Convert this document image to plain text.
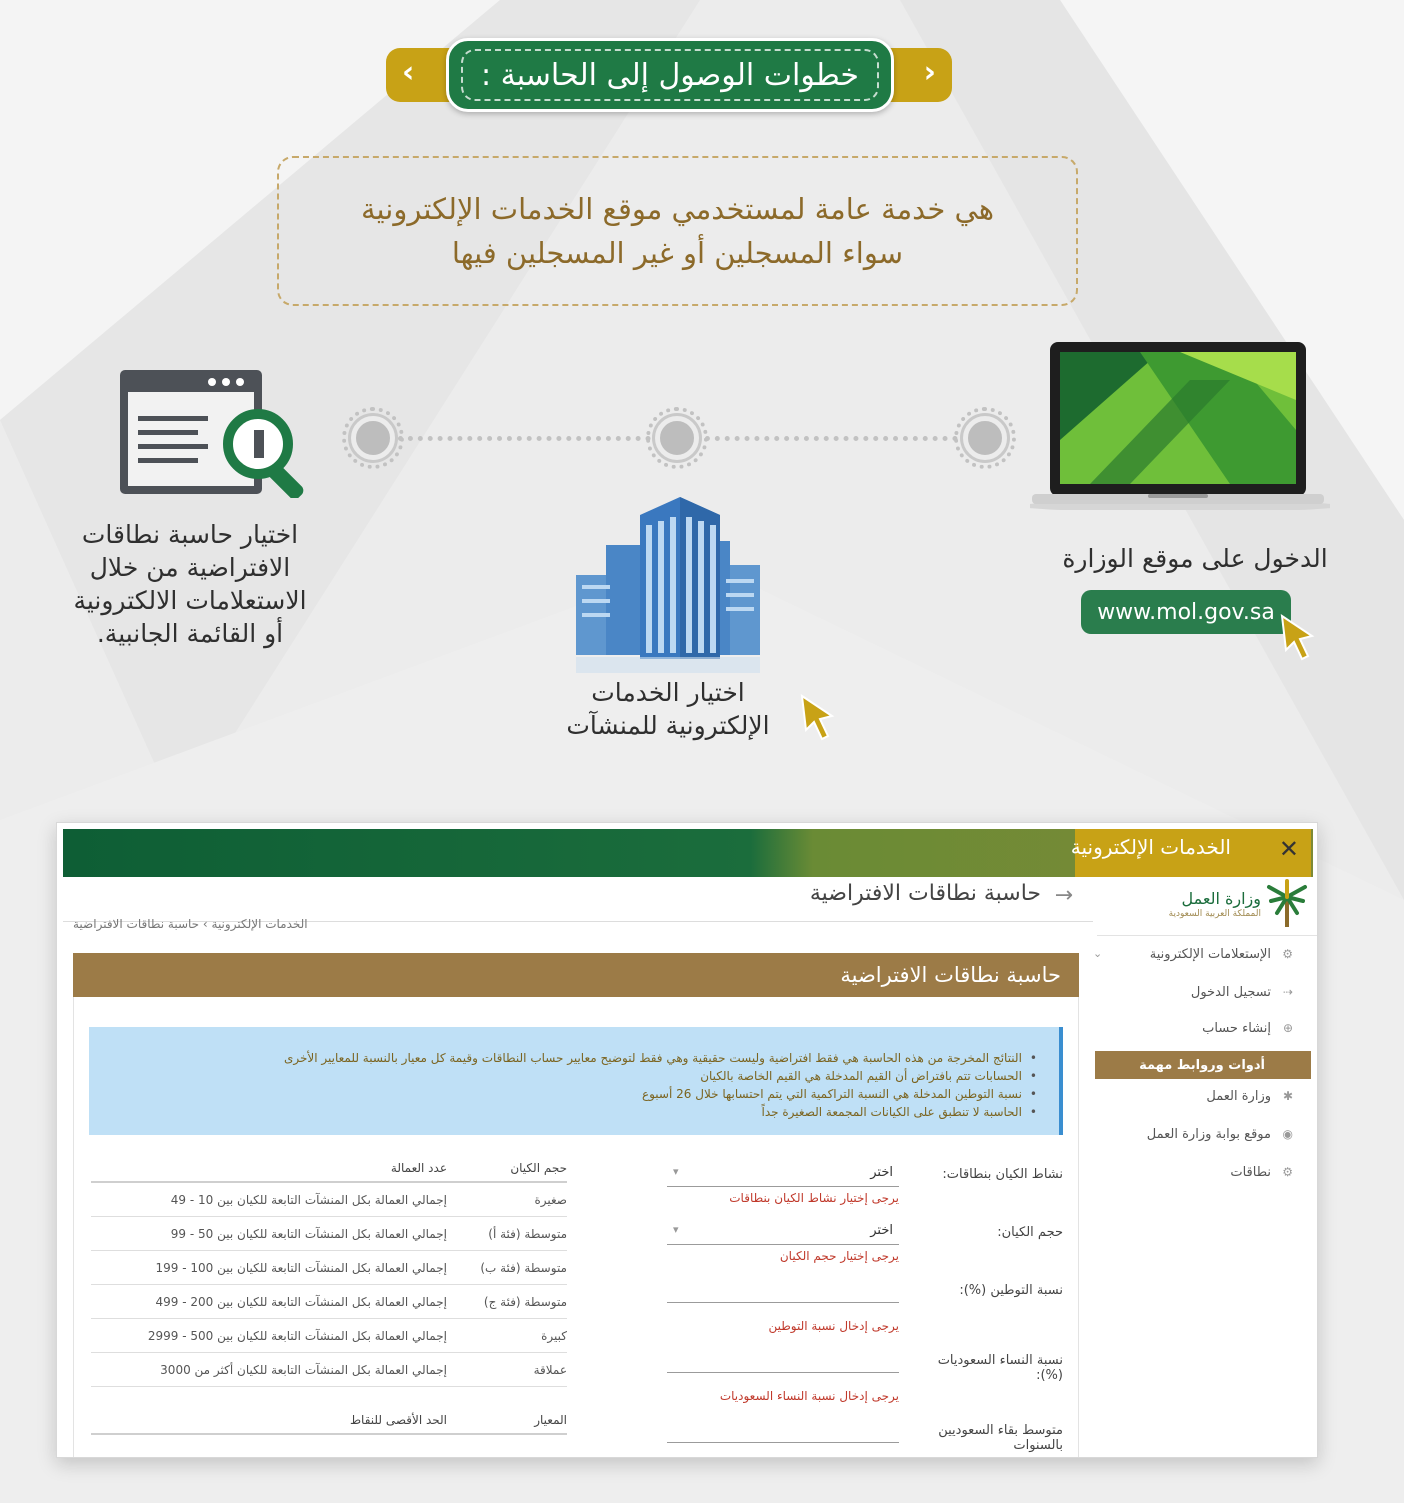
‹
›	خطوات الوصول إلى الحاسبة :
هي خدمة عامة لمستخدمي موقع الخدمات الإلكترونية
سواء المسجلين أو غير المسجلين فيها
الدخول على موقع الوزارة
www.mol.gov.sa
اختيار الخدمات
الإلكترونية للمنشآت
اختيار حاسبة نطاقات
الافتراضية من خلال
الاستعلامات الالكترونية
أو القائمة الجانبية.
الخدمات الإلكترونية ✕
→
حاسبة نطاقات الافتراضية
الخدمات الإلكترونية › حاسبة نطاقات الافتراضية
حاسبة نطاقات الافتراضية
• النتائج المخرجة من هذه الحاسبة هي فقط افتراضية وليست حقيقية وهي فقط لتوضيح معايير حساب النطاقات وقيمة كل معيار بالنسبة للمعايير الأخرى
• الحسابات تتم بافتراض أن القيم المدخلة هي القيم الخاصة بالكيان
• نسبة التوطين المدخلة هي النسبة التراكمية التي يتم احتسابها خلال 26 أسبوع
• الحاسبة لا تنطبق على الكيانات المجمعة الصغيرة جداً
نشاط الكيان بنطاقات:
اختر
▾
يرجى إختيار نشاط الكيان بنطاقات
حجم الكيان:
اختر
▾
يرجى إختيار حجم الكيان
نسبة التوطين (%):
يرجى إدخال نسبة التوطين
نسبة النساء السعوديات (%):
يرجى إدخال نسبة النساء السعوديات
متوسط بقاء السعوديين بالسنوات
حجم الكيان
عدد العمالة
صغيرة
إجمالي العمالة بكل المنشآت التابعة للكيان بين 10 - 49
متوسطة (فئة أ)
إجمالي العمالة بكل المنشآت التابعة للكيان بين 50 - 99
متوسطة (فئة ب)
إجمالي العمالة بكل المنشآت التابعة للكيان بين 100 - 199
متوسطة (فئة ج)
إجمالي العمالة بكل المنشآت التابعة للكيان بين 200 - 499
كبيرة
إجمالي العمالة بكل المنشآت التابعة للكيان بين 500 - 2999
عملاقة
إجمالي العمالة بكل المنشآت التابعة للكيان أكثر من 3000
المعيار
الحد الأقصى للنقاط
وزارة العمل
المملكة العربية السعودية
⚙
الإستعلامات الإلكترونية
⌄
⇢
تسجيل الدخول
⊕
إنشاء حساب
أدوات وروابط مهمة
✱
وزارة العمل
◉
موقع بوابة وزارة العمل
⚙
نطاقات
